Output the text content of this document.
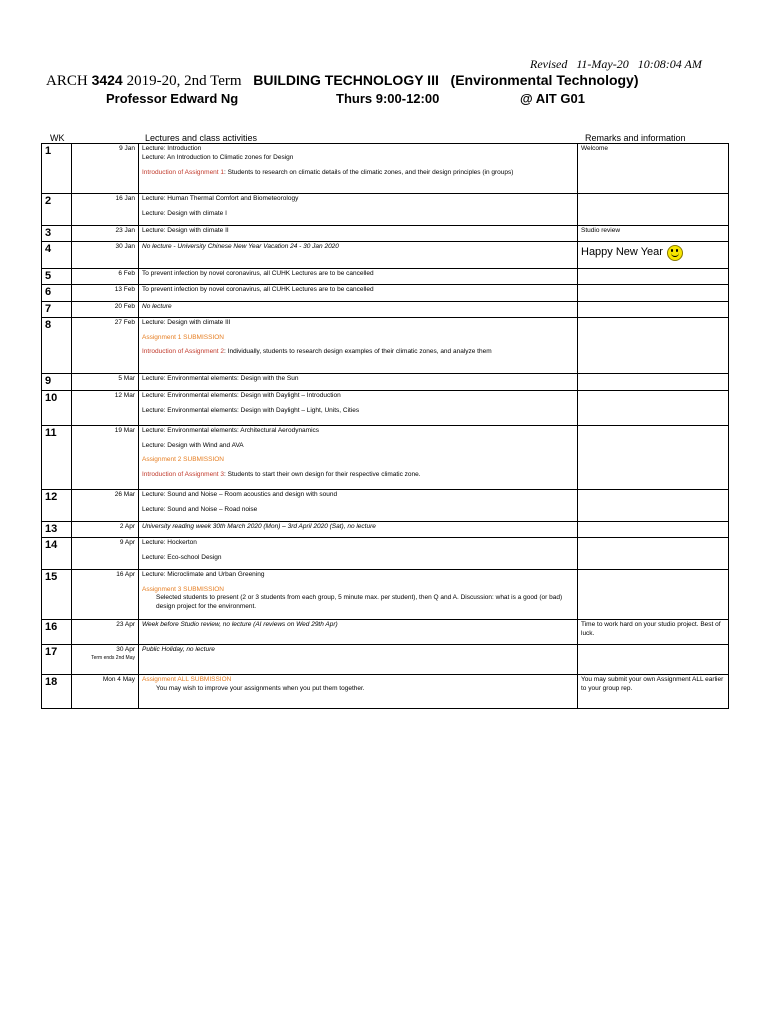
Revised   11-May-20   10:08:04 AM
ARCH 3424 2019-20, 2nd Term BUILDING TECHNOLOGY III (Environmental Technology)
Professor Edward Ng	Thurs 9:00-12:00	@ AIT G01
WK	Lectures and class activities	Remarks and information
1	9 Jan	Lecture: Introduction
Lecture: An Introduction to Climatic zones for Design
Introduction of Assignment 1: Students to research on climatic details of the climatic zones, and their design principles (in groups)	Welcome
2	16 Jan	Lecture: Human Thermal Comfort and Biometeorology
Lecture: Design with climate I	

3	23 Jan	Lecture: Design with climate II	Studio review
4	30 Jan	No lecture - University Chinese New Year Vacation 24 - 30 Jan 2020	Happy New Year
5	6 Feb	To prevent infection by novel coronavirus, all CUHK Lectures are to be cancelled	

6	13 Feb	To prevent infection by novel coronavirus, all CUHK Lectures are to be cancelled	

7	20 Feb	No lecture	

8	27 Feb	Lecture: Design with climate III
Assignment 1 SUBMISSION
Introduction of Assignment 2: Individually, students to research design examples of their climatic zones, and analyze them	

9	5 Mar	Lecture: Environmental elements: Design with the Sun	

10	12 Mar	Lecture: Environmental elements: Design with Daylight – Introduction
Lecture: Environmental elements: Design with Daylight – Light, Units, Cities	

11	19 Mar	Lecture: Environmental elements: Architectural Aerodynamics
Lecture: Design with Wind and AVA
Assignment 2 SUBMISSION
Introduction of Assignment 3: Students to start their own design for their respective climatic zone.	

12	26 Mar	Lecture: Sound and Noise – Room acoustics and design with sound
Lecture: Sound and Noise – Road noise	

13	2 Apr	University reading week 30th March 2020 (Mon) – 3rd April 2020 (Sat), no lecture	

14	9 Apr	Lecture: Hockerton
Lecture: Eco-school Design	

15	16 Apr	Lecture: Microclimate and Urban Greening
Assignment 3 SUBMISSION
Selected students to present (2 or 3 students from each group, 5 minute max. per student), then Q and A. Discussion: what is a good (or bad) design project for the environment.	

16	23 Apr	Week before Studio review, no lecture (AI reviews on Wed 29th Apr)	Time to work hard on your studio project. Best of luck.
17	30 Apr
Term ends 2nd May	Public Holiday, no lecture	

18	Mon 4 May	Assignment ALL SUBMISSION
You may wish to improve your assignments when you put them together.	You may submit your own Assignment ALL earlier to your group rep.
